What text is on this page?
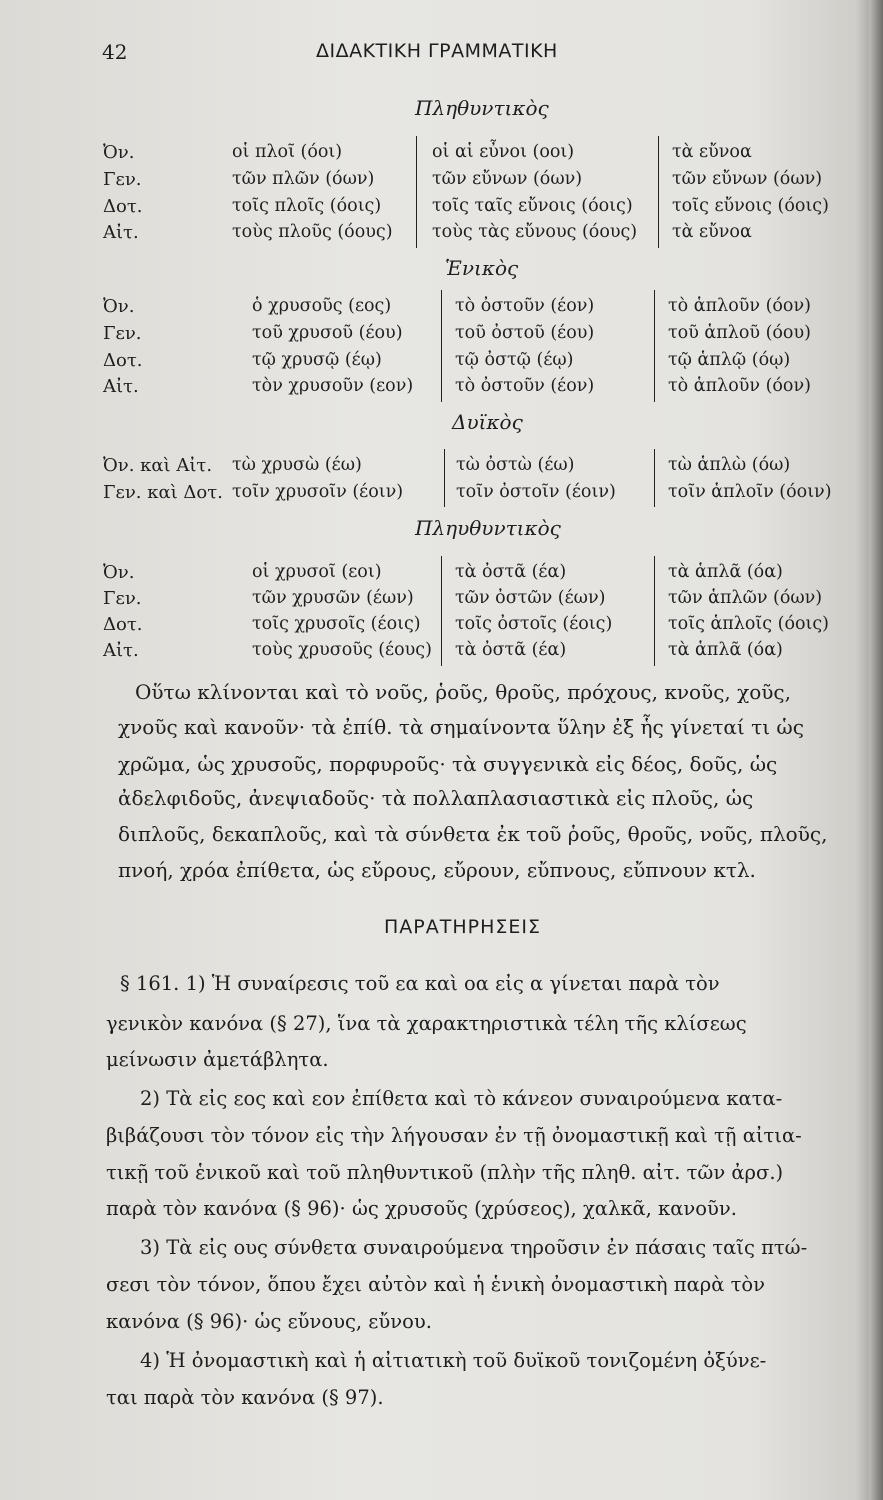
42	ΔΙΔΑΚΤΙΚΗ ΓΡΑΜΜΑΤΙΚΗ
Πληθυντικὸς
Ὀν.
Γεν.
Δοτ.
Αἰτ.
οἱ πλοῖ (όοι)
τῶν πλῶν (όων)
τοῖς πλοῖς (όοις)
τοὺς πλοῦς (όους)
οἱ αἱ εὖνοι (οοι)
τῶν εὔνων (όων)
τοῖς ταῖς εὔνοις (όοις)
τοὺς τὰς εὔνους (όους)
τὰ εὔνοα
τῶν εὔνων (όων)
τοῖς εὔνοις (όοις)
τὰ εὔνοα
Ἑνικὸς
Ὀν.
Γεν.
Δοτ.
Αἰτ.
ὁ χρυσοῦς (εος)
τοῦ χρυσοῦ (έου)
τῷ χρυσῷ (έῳ)
τὸν χρυσοῦν (εον)
τὸ ὀστοῦν (έον)
τοῦ ὀστοῦ (έου)
τῷ ὀστῷ (έῳ)
τὸ ὀστοῦν (έον)
τὸ ἁπλοῦν (όον)
τοῦ ἁπλοῦ (όου)
τῷ ἁπλῷ (όῳ)
τὸ ἁπλοῦν (όον)
Δυϊκὸς
Ὀν. καὶ Αἰτ.
Γεν. καὶ Δοτ.
τὼ χρυσὼ (έω)
τοῖν χρυσοῖν (έοιν)
τὼ ὀστὼ (έω)
τοῖν ὀστοῖν (έοιν)
τὼ ἁπλὼ (όω)
τοῖν ἁπλοῖν (όοιν)
Πληυθυντικὸς
Ὀν.
Γεν.
Δοτ.
Αἰτ.
οἱ χρυσοῖ (εοι)
τῶν χρυσῶν (έων)
τοῖς χρυσοῖς (έοις)
τοὺς χρυσοῦς (έους)
τὰ ὀστᾶ (έα)
τῶν ὀστῶν (έων)
τοῖς ὀστοῖς (έοις)
τὰ ὀστᾶ (έα)
τὰ ἁπλᾶ (όα)
τῶν ἁπλῶν (όων)
τοῖς ἁπλοῖς (όοις)
τὰ ἁπλᾶ (όα)
Οὕτω κλίνονται καὶ τὸ νοῦς, ῥοῦς, θροῦς, πρόχους, κνοῦς, χοῦς,
χνοῦς καὶ κανοῦν· τὰ ἐπίθ. τὰ σημαίνοντα ὕλην ἐξ ἧς γίνεταί τι ὡς
χρῶμα, ὡς χρυσοῦς, πορφυροῦς· τὰ συγγενικὰ εἰς δέος, δοῦς, ὡς
ἀδελφιδοῦς, ἀνεψιαδοῦς· τὰ πολλαπλασιαστικὰ εἰς πλοῦς, ὡς
διπλοῦς, δεκαπλοῦς, καὶ τὰ σύνθετα ἐκ τοῦ ῥοῦς, θροῦς, νοῦς, πλοῦς,
πνοή, χρόα ἐπίθετα, ὡς εὔρους, εὔρουν, εὔπνους, εὔπνουν κτλ.
ΠΑΡΑΤΗΡΗΣΕΙΣ
§ 161. 1) Ἡ συναίρεσις τοῦ εα καὶ οα εἰς α γίνεται παρὰ τὸν
γενικὸν κανόνα (§ 27), ἵνα τὰ χαρακτηριστικὰ τέλη τῆς κλίσεως
μείνωσιν ἀμετάβλητα.
2) Τὰ εἰς εος καὶ εον ἐπίθετα καὶ τὸ κάνεον συναιρούμενα κατα-
βιβάζουσι τὸν τόνον εἰς τὴν λήγουσαν ἐν τῇ ὀνομαστικῇ καὶ τῇ αἰτια-
τικῇ τοῦ ἑνικοῦ καὶ τοῦ πληθυντικοῦ (πλὴν τῆς πληθ. αἰτ. τῶν ἀρσ.)
παρὰ τὸν κανόνα (§ 96)· ὡς χρυσοῦς (χρύσεος), χαλκᾶ, κανοῦν.
3) Τὰ εἰς ους σύνθετα συναιρούμενα τηροῦσιν ἐν πάσαις ταῖς πτώ-
σεσι τὸν τόνον, ὅπου ἔχει αὐτὸν καὶ ἡ ἑνικὴ ὀνομαστικὴ παρὰ τὸν
κανόνα (§ 96)· ὡς εὔνους, εὔνου.
4) Ἡ ὀνομαστικὴ καὶ ἡ αἰτιατικὴ τοῦ δυϊκοῦ τονιζομένη ὀξύνε-
ται παρὰ τὸν κανόνα (§ 97).
